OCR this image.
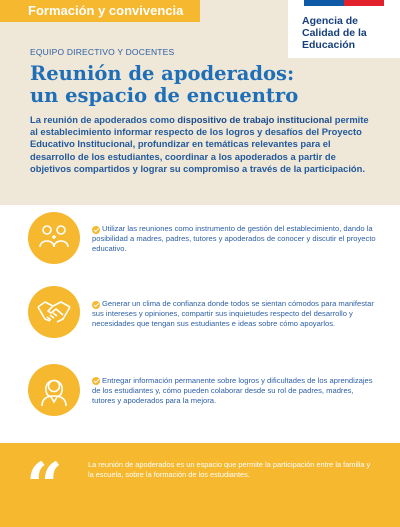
Formación y convivencia
Agencia de
Calidad de la
Educación
EQUIPO DIRECTIVO Y DOCENTES
Reunión de apoderados:
un espacio de encuentro

La reunión de apoderados como dispositivo de trabajo institucional permite al establecimiento informar respecto de los logros y desafíos del Proyecto Educativo Institucional, profundizar en temáticas relevantes para el desarrollo de los estudiantes, coordinar a los apoderados a partir de objetivos compartidos y lograr su compromiso a través de la participación.

Utilizar las reuniones como instrumento de gestión del establecimiento, dando la posibilidad a madres, padres, tutores y apoderados de conocer y discutir el proyecto educativo.

Generar un clima de confianza donde todos se sientan cómodos para manifestar sus intereses y opiniones, compartir sus inquietudes respecto del desarrollo y necesidades que tengan sus estudiantes e ideas sobre cómo apoyarlos.

Entregar información permanente sobre logros y dificultades de los aprendizajes de los estudiantes y, cómo pueden colaborar desde su rol de padres, madres, tutores y apoderados para la mejora.

“	La reunión de apoderados es un espacio que permite la participación entre la familia y la escuela, sobre la formación de los estudiantes.
